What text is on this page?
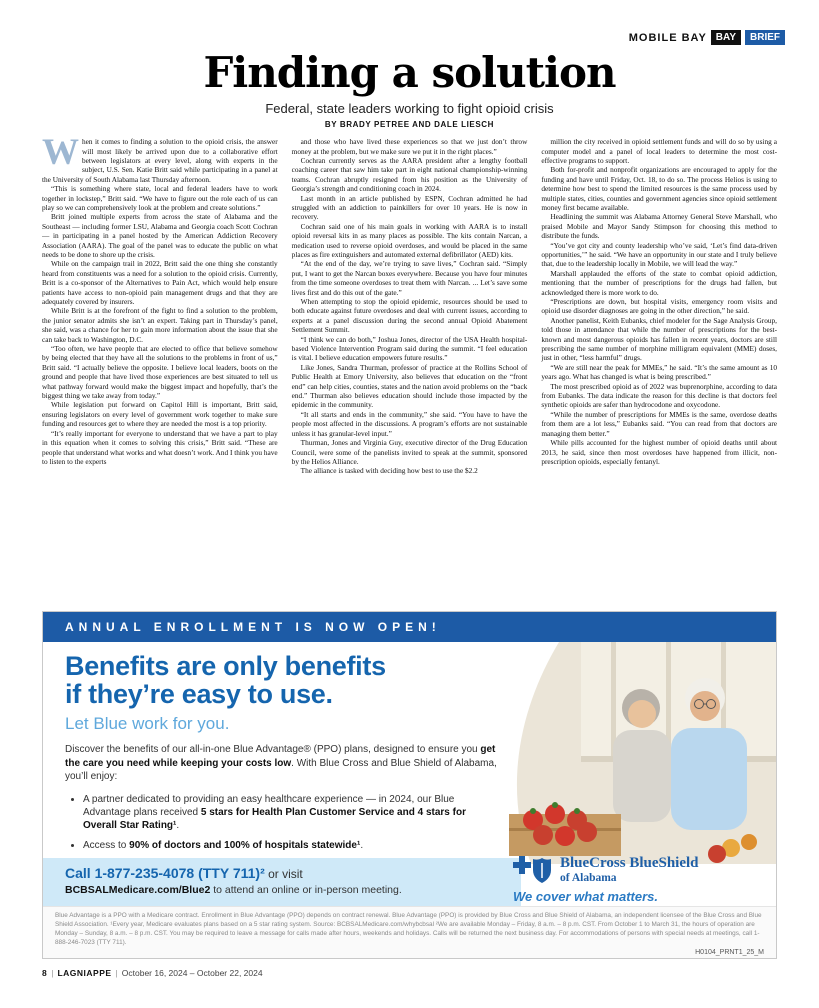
MOBILE BAY BAY	BRIEF
Finding a solution
Federal, state leaders working to fight opioid crisis
BY BRADY PETREE AND DALE LIESCH

When it comes to finding a solution to the opioid crisis, the answer will most likely be arrived upon due to a collaborative effort between legislators at every level, along with experts in the subject, U.S. Sen. Katie Britt said while participating in a panel at the University of South Alabama last Thursday afternoon.

“This is something where state, local and federal leaders have to work together in lockstep,” Britt said. “We have to figure out the role each of us can play so we can comprehensively look at the problem and create solutions.”

Britt joined multiple experts from across the state of Alabama and the Southeast — including former LSU, Alabama and Georgia coach Scott Cochran — in participating in a panel hosted by the American Addiction Recovery Association (AARA). The goal of the panel was to educate the public on what needs to be done to shore up the crisis.

While on the campaign trail in 2022, Britt said the one thing she constantly heard from constituents was a need for a solution to the opioid crisis. Currently, Britt is a co-sponsor of the Alternatives to Pain Act, which would help ensure patients have access to non-opioid pain management drugs and that they are adequately covered by insurers.

While Britt is at the forefront of the fight to find a solution to the problem, the junior senator admits she isn’t an expert. Taking part in Thursday’s panel, she said, was a chance for her to gain more information about the issue that she can take back to Washington, D.C.

“Too often, we have people that are elected to office that believe somehow by being elected that they have all the solutions to the problems in front of us,” Britt said. “I actually believe the opposite. I believe local leaders, boots on the ground and people that have lived those experiences are best situated to tell us what pathway forward would make the biggest impact and hopefully, that’s the biggest thing we take away from today.”

While legislation put forward on Capitol Hill is important, Britt said, ensuring legislators on every level of government work together to make sure funding and resources get to where they are needed the most is a top priority.

“It’s really important for everyone to understand that we have a part to play in this equation when it comes to solving this crisis,” Britt said. “These are people that understand what works and what doesn’t work. And I think you have to listen to the experts

and those who have lived these experiences so that we just don’t throw money at the problem, but we make sure we put it in the right places.”

Cochran currently serves as the AARA president after a lengthy football coaching career that saw him take part in eight national championship-winning teams. Cochran abruptly resigned from his position as the University of Georgia’s strength and conditioning coach in 2024.

Last month in an article published by ESPN, Cochran admitted he had struggled with an addiction to painkillers for over 10 years. He is now in recovery.

Cochran said one of his main goals in working with AARA is to install opioid reversal kits in as many places as possible. The kits contain Narcan, a medication used to reverse opioid overdoses, and would be placed in the same places as fire extinguishers and automated external defibrillator (AED) kits.

“At the end of the day, we’re trying to save lives,” Cochran said. “Simply put, I want to get the Narcan boxes everywhere. Because you have four minutes from the time someone overdoses to treat them with Narcan. ... Let’s save some lives first and do this out of the gate.”

When attempting to stop the opioid epidemic, resources should be used to both educate against future overdoses and deal with current issues, according to experts at a panel discussion during the second annual Opioid Abatement Settlement Summit.

“I think we can do both,” Joshua Jones, director of the USA Health hospital-based Violence Intervention Program said during the summit. “I feel education is vital. I believe education empowers future results.”

Like Jones, Sandra Thurman, professor of practice at the Rollins School of Public Health at Emory University, also believes that education on the “front end” can help cities, counties, states and the nation avoid problems on the “back end.” Thurman also believes education should include those impacted by the epidemic in the community.

“It all starts and ends in the community,” she said. “You have to have the people most affected in the discussions. A program’s efforts are not sustainable unless it has granular-level input.”

Thurman, Jones and Virginia Guy, executive director of the Drug Education Council, were some of the panelists invited to speak at the summit, sponsored by the Helios Alliance.

The alliance is tasked with deciding how best to use the $2.2

million the city received in opioid settlement funds and will do so by using a computer model and a panel of local leaders to determine the most cost-effective programs to support.

Both for-profit and nonprofit organizations are encouraged to apply for the funding and have until Friday, Oct. 18, to do so. The process Helios is using to determine how best to spend the limited resources is the same process used by multiple states, cities, counties and government agencies since opioid settlement money first became available.

Headlining the summit was Alabama Attorney General Steve Marshall, who praised Mobile and Mayor Sandy Stimpson for choosing this method to distribute the funds.

“You’ve got city and county leadership who’ve said, ‘Let’s find data-driven opportunities,’” he said. “We have an opportunity in our state and I truly believe that, due to the leadership locally in Mobile, we will lead the way.”

Marshall applauded the efforts of the state to combat opioid addiction, mentioning that the number of prescriptions for the drugs had fallen, but acknowledged there is more work to do.

“Prescriptions are down, but hospital visits, emergency room visits and opioid use disorder diagnoses are going in the other direction,” he said.

Another panelist, Keith Eubanks, chief modeler for the Sage Analysis Group, told those in attendance that while the number of prescriptions for the best-known and most dangerous opioids has fallen in recent years, doctors are still prescribing the same number of morphine milligram equivalent (MME) doses, just in other, “less harmful” drugs.

“We are still near the peak for MMEs,” he said. “It’s the same amount as 10 years ago. What has changed is what is being prescribed.”

The most prescribed opioid as of 2022 was buprenorphine, according to data from Eubanks. The data indicate the reason for this decline is that doctors feel synthetic opioids are safer than hydrocodone and oxycodone.

“While the number of prescriptions for MMEs is the same, overdose deaths from them are a lot less,” Eubanks said. “You can read from that doctors are managing them better.”

While pills accounted for the highest number of opioid deaths until about 2013, he said, since then most overdoses have happened from illicit, non-prescription opioids, especially fentanyl.

ANNUAL ENROLLMENT IS NOW OPEN!
Benefits are only benefits
if they’re easy to use.
Let Blue work for you.
Discover the benefits of our all-in-one Blue Advantage® (PPO) plans, designed to ensure you get the care you need while keeping your costs low. With Blue Cross and Blue Shield of Alabama, you’ll enjoy:
• A partner dedicated to providing an easy healthcare experience — in 2024, our Blue Advantage plans received 5 stars for Health Plan Customer Service and 4 stars for Overall Star Rating¹.
• Access to 90% of doctors and 100% of hospitals statewide¹.
Call 1-877-235-4078 (TTY 711)² or visit
BCBSALMedicare.com/Blue2 to attend an online or in-person meeting.
BlueCross BlueShield
of Alabama
We cover what matters.
Blue Advantage is a PPO with a Medicare contract. Enrollment in Blue Advantage (PPO) depends on contract renewal. Blue Advantage (PPO) is provided by Blue Cross and Blue Shield of Alabama, an independent licensee of the Blue Cross and Blue Shield Association. ¹Every year, Medicare evaluates plans based on a 5 star rating system. Source: BCBSALMedicare.com/whybcbsal ²We are available Monday – Friday, 8 a.m. – 8 p.m. CST. From October 1 to March 31, the hours of operation are Monday – Sunday, 8 a.m. – 8 p.m. CST. You may be required to leave a message for calls made after hours, weekends and holidays. Calls will be returned the next business day. For accommodations of persons with special needs at meetings, call 1-888-246-7023 (TTY 711).
H0104_PRNT1_25_M
8 | LAGNIAPPE | October 16, 2024 – October 22, 2024
